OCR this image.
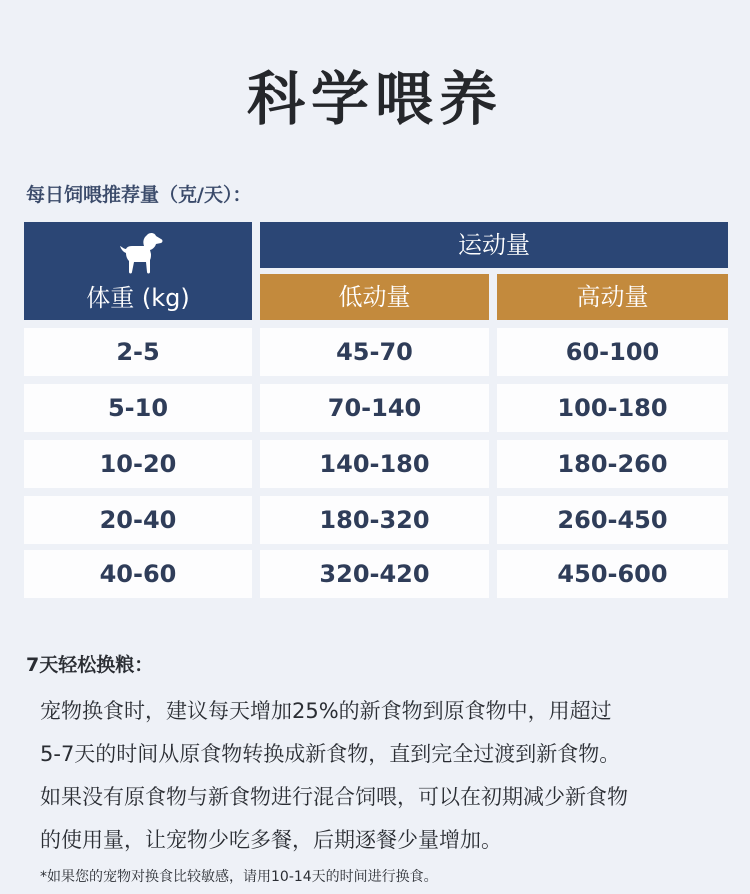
科学喂养
每日饲喂推荐量（克/天）：
体重 (kg)
运动量
低动量	高动量
2-5	45-70	60-100
5-10	70-140	100-180
10-20	140-180	180-260
20-40	180-320	260-450
40-60	320-420	450-600
7天轻松换粮：
宠物换食时，建议每天增加25%的新食物到原食物中，用超过
5-7天的时间从原食物转换成新食物，直到完全过渡到新食物。
如果没有原食物与新食物进行混合饲喂，可以在初期减少新食物
的使用量，让宠物少吃多餐，后期逐餐少量增加。
*如果您的宠物对换食比较敏感，请用10-14天的时间进行换食。
